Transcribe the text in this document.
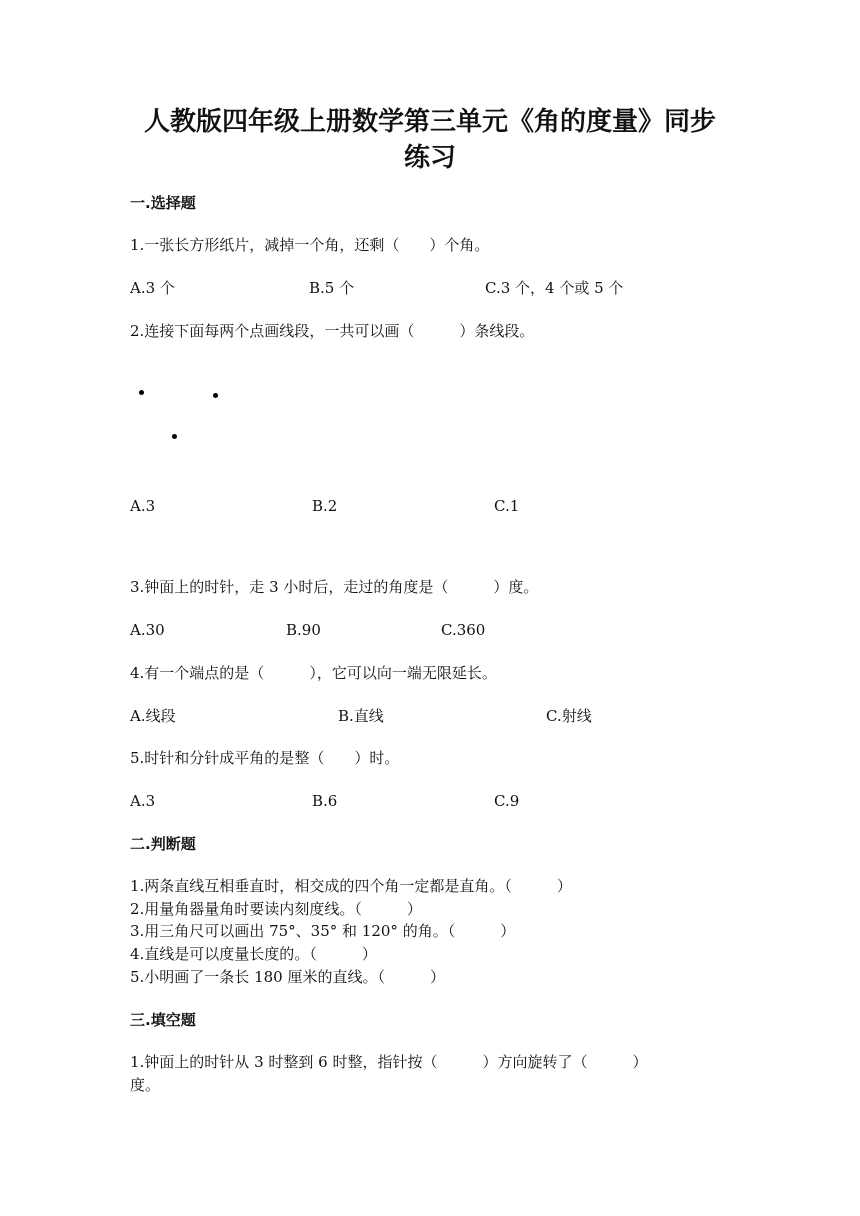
人教版四年级上册数学第三单元《角的度量》同步
练习
一.选择题
1.一张长方形纸片，减掉一个角，还剩（　　）个角。
A.3 个	B.5 个	C.3 个，4 个或 5 个
2.连接下面每两个点画线段，一共可以画（　　　）条线段。
A.3	B.2	C.1
3.钟面上的时针，走 3 小时后，走过的角度是（　　　）度。
A.30	B.90	C.360
4.有一个端点的是（　　　），它可以向一端无限延长。
A.线段	B.直线	C.射线
5.时针和分针成平角的是整（　　）时。
A.3	B.6	C.9
二.判断题
1.两条直线互相垂直时，相交成的四个角一定都是直角。（　　　）
2.用量角器量角时要读内刻度线。（　　　）
3.用三角尺可以画出 75°、35° 和 120° 的角。（　　　）
4.直线是可以度量长度的。（　　　）
5.小明画了一条长 180 厘米的直线。（　　　）
三.填空题
1.钟面上的时针从 3 时整到 6 时整，指针按（　　　）方向旋转了（　　　）
度。
